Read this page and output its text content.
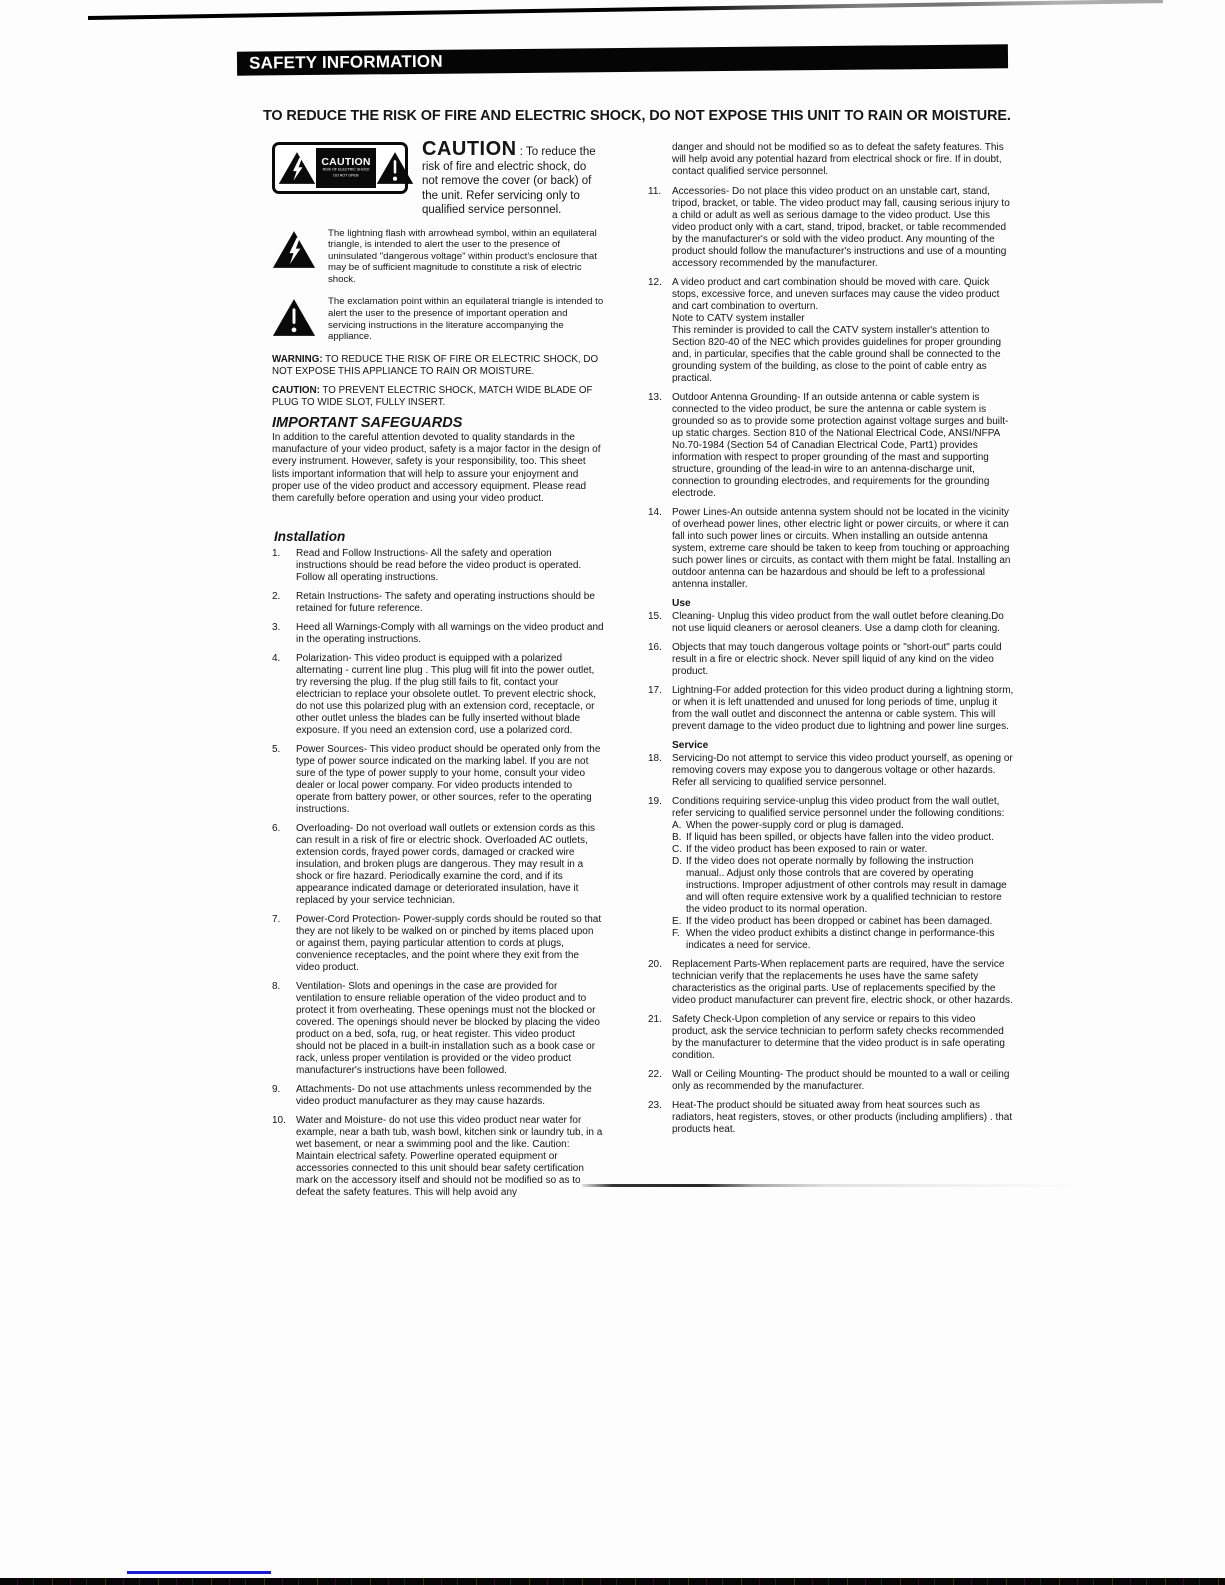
SAFETY INFORMATION
TO REDUCE THE RISK OF FIRE AND ELECTRIC SHOCK, DO NOT EXPOSE THIS UNIT TO RAIN OR MOISTURE.
CAUTION
RISK OF ELECTRIC SHOCK
DO NOT OPEN

CAUTION : To reduce the risk of fire and electric shock, do not remove the cover (or back) of the unit. Refer servicing only to qualified service personnel.

The lightning flash with arrowhead symbol, within an equilateral triangle, is intended to alert the user to the presence of uninsulated "dangerous voltage" within product's enclosure that may be of sufficient magnitude to constitute a risk of electric shock.

The exclamation point within an equilateral triangle is intended to alert the user to the presence of important operation and servicing instructions in the literature accompanying the appliance.

WARNING: TO REDUCE THE RISK OF FIRE OR ELECTRIC SHOCK, DO NOT EXPOSE THIS APPLIANCE TO RAIN OR MOISTURE.

CAUTION: TO PREVENT ELECTRIC SHOCK, MATCH WIDE BLADE OF PLUG TO WIDE SLOT, FULLY INSERT.

IMPORTANT SAFEGUARDS

In addition to the careful attention devoted to quality standards in the manufacture of your video product, safety is a major factor in the design of every instrument. However, safety is your responsibility, too. This sheet lists important information that will help to assure your enjoyment and proper use of the video product and accessory equipment. Please read them carefully before operation and using your video product.

Installation
1.	Read and Follow Instructions- All the safety and operation instructions should be read before the video product is operated. Follow all operating instructions.
2.	Retain Instructions- The safety and operating instructions should be retained for future reference.
3.	Heed all Warnings-Comply with all warnings on the video product and in the operating instructions.
4.	Polarization- This video product is equipped with a polarized alternating - current line plug . This plug will fit into the power outlet, try reversing the plug. If the plug still fails to fit, contact your electrician to replace your obsolete outlet. To prevent electric shock, do not use this polarized plug with an extension cord, receptacle, or other outlet unless the blades can be fully inserted without blade exposure. If you need an extension cord, use a polarized cord.
5.	Power Sources- This video product should be operated only from the type of power source indicated on the marking label. If you are not sure of the type of power supply to your home, consult your video dealer or local power company. For video products intended to operate from battery power, or other sources, refer to the operating instructions.
6.	Overloading- Do not overload wall outlets or extension cords as this can result in a risk of fire or electric shock. Overloaded AC outlets, extension cords, frayed power cords, damaged or cracked wire insulation, and broken plugs are dangerous. They may result in a shock or fire hazard. Periodically examine the cord, and if its appearance indicated damage or deteriorated insulation, have it replaced by your service technician.
7.	Power-Cord Protection- Power-supply cords should be routed so that they are not likely to be walked on or pinched by items placed upon or against them, paying particular attention to cords at plugs, convenience receptacles, and the point where they exit from the video product.
8.	Ventilation- Slots and openings in the case are provided for ventilation to ensure reliable operation of the video product and to protect it from overheating. These openings must not the blocked or covered. The openings should never be blocked by placing the video product on a bed, sofa, rug, or heat register. This video product should not be placed in a built-in installation such as a book case or rack, unless proper ventilation is provided or the video product manufacturer's instructions have been followed.
9.	Attachments- Do not use attachments unless recommended by the video product manufacturer as they may cause hazards.
10.	Water and Moisture- do not use this video product near water for example, near a bath tub, wash bowl, kitchen sink or laundry tub, in a wet basement, or near a swimming pool and the like. Caution: Maintain electrical safety. Powerline operated equipment or accessories connected to this unit should bear safety certification mark on the accessory itself and should not be modified so as to defeat the safety features. This will help avoid any

danger and should not be modified so as to defeat the safety features. This will help avoid any potential hazard from electrical shock or fire. If in doubt, contact qualified service personnel.

11.	Accessories- Do not place this video product on an unstable cart, stand, tripod, bracket, or table. The video product may fall, causing serious injury to a child or adult as well as serious damage to the video product. Use this video product only with a cart, stand, tripod, bracket, or table recommended by the manufacturer's or sold with the video product. Any mounting of the product should follow the manufacturer's instructions and use of a mounting accessory recommended by the manufacturer.
12.	A video product and cart combination should be moved with care. Quick stops, excessive force, and uneven surfaces may cause the video product and cart combination to overturn.
Note to CATV system installer
This reminder is provided to call the CATV system installer's attention to Section 820-40 of the NEC which provides guidelines for proper grounding and, in particular, specifies that the cable ground shall be connected to the grounding system of the building, as close to the point of cable entry as practical.
13.	Outdoor Antenna Grounding- If an outside antenna or cable system is connected to the video product, be sure the antenna or cable system is grounded so as to provide some protection against voltage surges and built-up static charges. Section 810 of the National Electrical Code, ANSI/NFPA No.70-1984 (Section 54 of Canadian Electrical Code, Part1) provides information with respect to proper grounding of the mast and supporting structure, grounding of the lead-in wire to an antenna-discharge unit, connection to grounding electrodes, and requirements for the grounding electrode.
14.	Power Lines-An outside antenna system should not be located in the vicinity of overhead power lines, other electric light or power circuits, or where it can fall into such power lines or circuits. When installing an outside antenna system, extreme care should be taken to keep from touching or approaching such power lines or circuits, as contact with them might be fatal. Installing an outdoor antenna can be hazardous and should be left to a professional antenna installer.
Use
15.	Cleaning- Unplug this video product from the wall outlet before cleaning.Do not use liquid cleaners or aerosol cleaners. Use a damp cloth for cleaning.
16.	Objects that may touch dangerous voltage points or "short-out" parts could result in a fire or electric shock. Never spill liquid of any kind on the video product.
17.	Lightning-For added protection for this video product during a lightning storm, or when it is left unattended and unused for long periods of time, unplug it from the wall outlet and disconnect the antenna or cable system. This will prevent damage to the video product due to lightning and power line surges.
Service
18.	Servicing-Do not attempt to service this video product yourself, as opening or removing covers may expose you to dangerous voltage or other hazards. Refer all servicing to qualified service personnel.
19.	Conditions requiring service-unplug this video product from the wall outlet, refer servicing to qualified service personnel under the following conditions:
A. When the power-supply cord or plug is damaged.
B. If liquid has been spilled, or objects have fallen into the video product.
C. If the video product has been exposed to rain or water.
D. If the video does not operate normally by following the instruction manual.. Adjust only those controls that are covered by operating instructions. Improper adjustment of other controls may result in damage and will often require extensive work by a qualified technician to restore the video product to its normal operation.
E. If the video product has been dropped or cabinet has been damaged.
F. When the video product exhibits a distinct change in performance-this indicates a need for service.
20.	Replacement Parts-When replacement parts are required, have the service technician verify that the replacements he uses have the same safety characteristics as the original parts. Use of replacements specified by the video product manufacturer can prevent fire, electric shock, or other hazards.
21.	Safety Check-Upon completion of any service or repairs to this video product, ask the service technician to perform safety checks recommended by the manufacturer to determine that the video product is in safe operating condition.
22.	Wall or Ceiling Mounting- The product should be mounted to a wall or ceiling only as recommended by the manufacturer.
23.	Heat-The product should be situated away from heat sources such as radiators, heat registers, stoves, or other products (including amplifiers) . that products heat.
